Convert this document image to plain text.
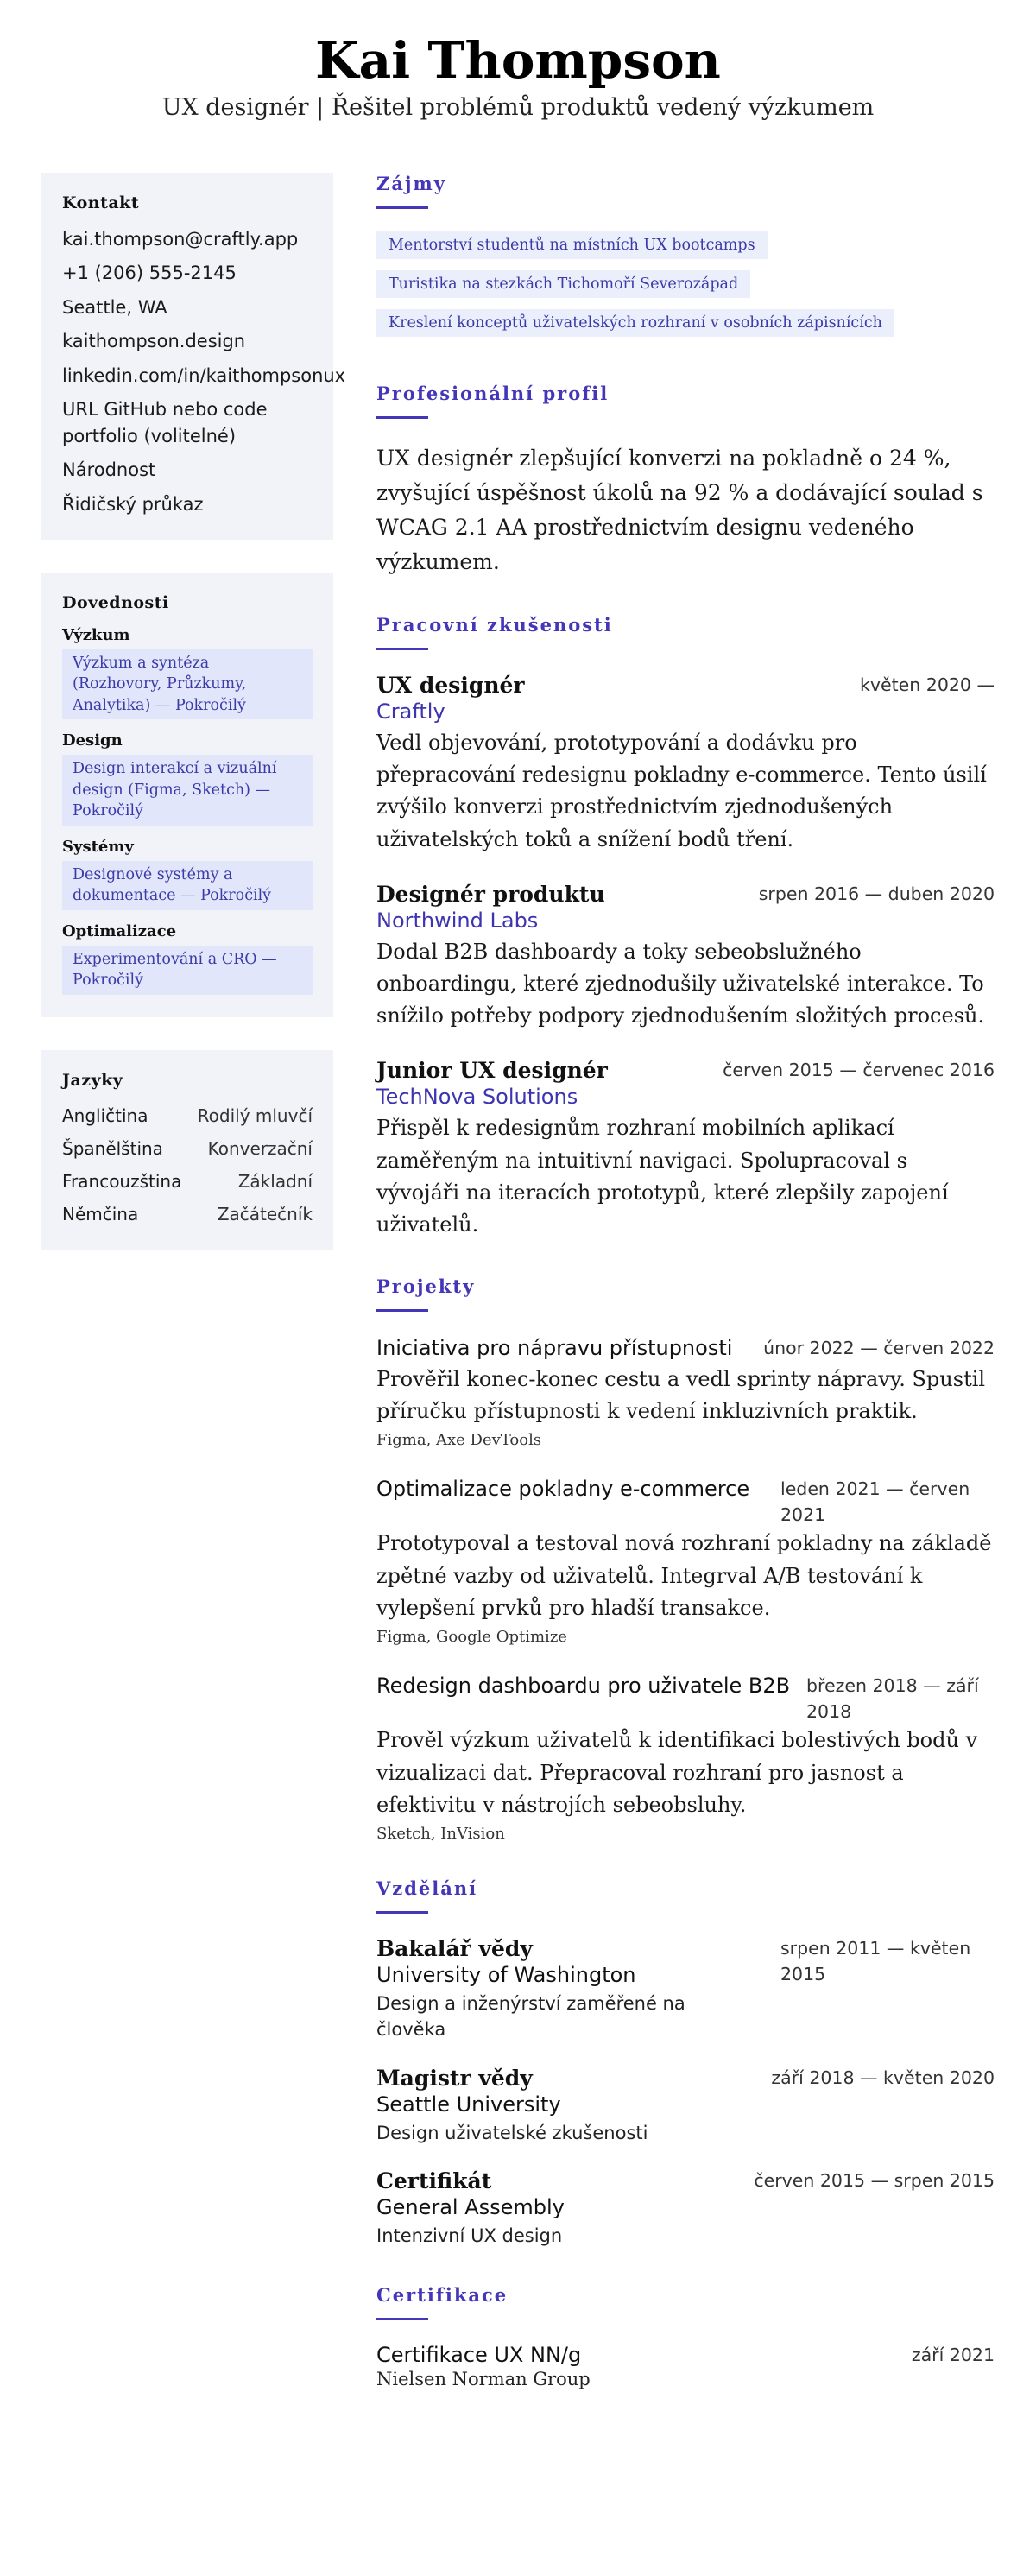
Kai Thompson
UX designér | Řešitel problémů produktů vedený výzkumem
Kontakt
kai.thompson@craftly.app
+1 (206) 555-2145
Seattle, WA
kaithompson.design
linkedin.com/in/kaithompsonux
URL GitHub nebo code portfolio (volitelné)
Národnost
Řidičský průkaz
Dovednosti
Výzkum
Výzkum a syntéza (Rozhovory, Průzkumy, Analytika) — Pokročilý
Design
Design interakcí a vizuální design (Figma, Sketch) — Pokročilý
Systémy
Designové systémy a dokumentace — Pokročilý
Optimalizace
Experimentování a CRO — Pokročilý
Jazyky
Angličtina	Rodilý mluvčí
Španělština	Konverzační
Francouzština	Základní
Němčina	Začátečník
Zájmy
Mentorství studentů na místních UX bootcamps
Turistika na stezkách Tichomoří Severozápad
Kreslení konceptů uživatelských rozhraní v osobních zápisnících
Profesionální profil

UX designér zlepšující konverzi na pokladně o 24 %, zvyšující úspěšnost úkolů na 92 % a dodávající soulad s WCAG 2.1 AA prostřednictvím designu vedeného výzkumem.

Pracovní zkušenosti
UX designér	květen 2020 —
Craftly

Vedl objevování, prototypování a dodávku pro přepracování redesignu pokladny e-commerce. Tento úsilí zvýšilo konverzi prostřednictvím zjednodušených uživatelských toků a snížení bodů tření.

Designér produktu	srpen 2016 — duben 2020
Northwind Labs

Dodal B2B dashboardy a toky sebeobslužného onboardingu, které zjednodušily uživatelské interakce. To snížilo potřeby podpory zjednodušením složitých procesů.

Junior UX designér	červen 2015 — červenec 2016
TechNova Solutions

Přispěl k redesignům rozhraní mobilních aplikací zaměřeným na intuitivní navigaci. Spolupracoval s vývojáři na iteracích prototypů, které zlepšily zapojení uživatelů.

Projekty
Iniciativa pro nápravu přístupnosti únor 2022 — červen 2022

Prověřil konec-konec cestu a vedl sprinty nápravy. Spustil příručku přístupnosti k vedení inkluzivních praktik.

Figma, Axe DevTools
Optimalizace pokladny e-commerce leden 2021 — červen 2021

Prototypoval a testoval nová rozhraní pokladny na základě zpětné vazby od uživatelů. Integrval A/B testování k vylepšení prvků pro hladší transakce.

Figma, Google Optimize
Redesign dashboardu pro uživatele B2B březen 2018 — září 2018

Prověl výzkum uživatelů k identifikaci bolestivých bodů v vizualizaci dat. Přepracoval rozhraní pro jasnost a efektivitu v nástrojích sebeobsluhy.

Sketch, InVision
Vzdělání
Bakalář vědy
University of Washington
Design a inženýrství zaměřené na člověka
srpen 2011 — květen 2015
Magistr vědy
Seattle University
Design uživatelské zkušenosti
září 2018 — květen 2020
Certifikát
General Assembly
Intenzivní UX design
červen 2015 — srpen 2015
Certifikace
Certifikace UX NN/g
Nielsen Norman Group
září 2021
